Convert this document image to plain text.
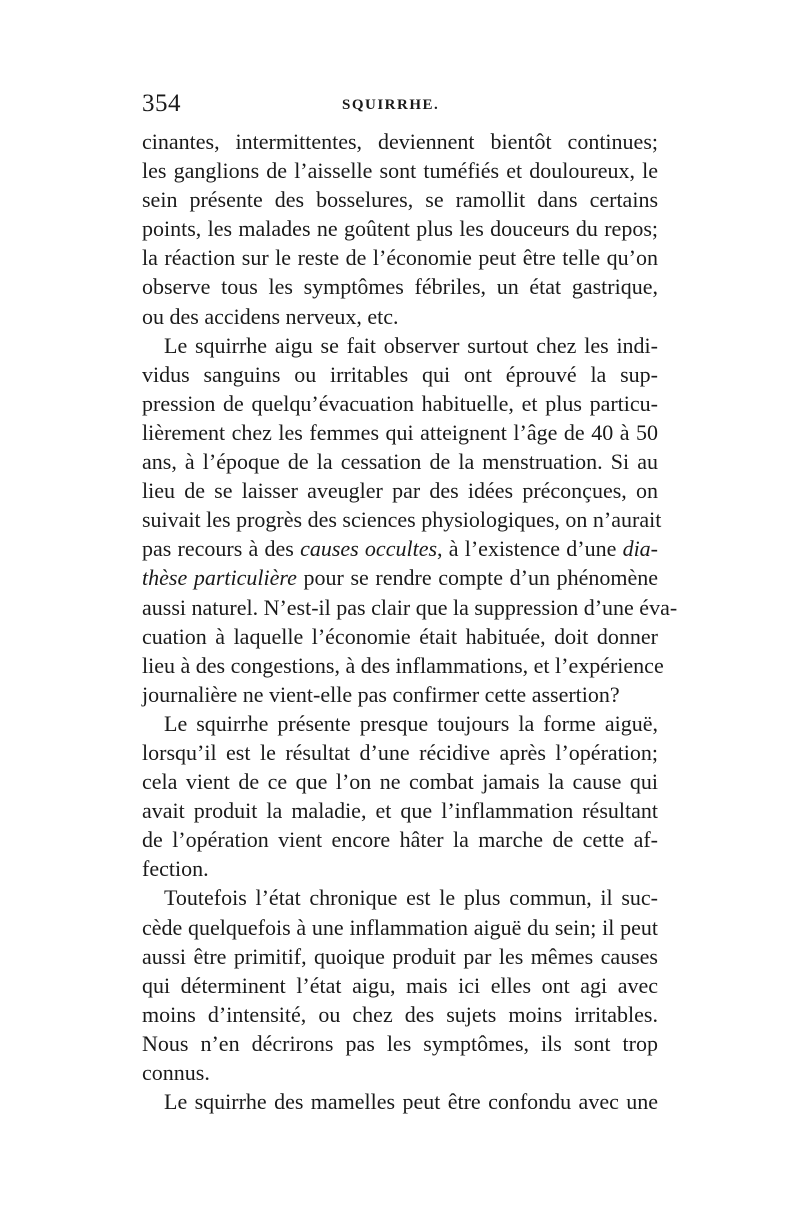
354	SQUIRRHE.
cinantes, intermittentes, deviennent bientôt continues;
les ganglions de l’aisselle sont tuméfiés et douloureux, le
sein présente des bosselures, se ramollit dans certains
points, les malades ne goûtent plus les douceurs du repos;
la réaction sur le reste de l’économie peut être telle qu’on
observe tous les symptômes fébriles, un état gastrique,
ou des accidens nerveux, etc.
Le squirrhe aigu se fait observer surtout chez les indi-
vidus sanguins ou irritables qui ont éprouvé la sup-
pression de quelqu’évacuation habituelle, et plus particu-
lièrement chez les femmes qui atteignent l’âge de 40 à 50
ans, à l’époque de la cessation de la menstruation. Si au
lieu de se laisser aveugler par des idées préconçues, on
suivait les progrès des sciences physiologiques, on n’aurait
pas recours à des causes occultes, à l’existence d’une dia-
thèse particulière pour se rendre compte d’un phénomène
aussi naturel. N’est-il pas clair que la suppression d’une éva-
cuation à laquelle l’économie était habituée, doit donner
lieu à des congestions, à des inflammations, et l’expérience
journalière ne vient-elle pas confirmer cette assertion?
Le squirrhe présente presque toujours la forme aiguë,
lorsqu’il est le résultat d’une récidive après l’opération;
cela vient de ce que l’on ne combat jamais la cause qui
avait produit la maladie, et que l’inflammation résultant
de l’opération vient encore hâter la marche de cette af-
fection.
Toutefois l’état chronique est le plus commun, il suc-
cède quelquefois à une inflammation aiguë du sein; il peut
aussi être primitif, quoique produit par les mêmes causes
qui déterminent l’état aigu, mais ici elles ont agi avec
moins d’intensité, ou chez des sujets moins irritables.
Nous n’en décrirons pas les symptômes, ils sont trop
connus.
Le squirrhe des mamelles peut être confondu avec une
